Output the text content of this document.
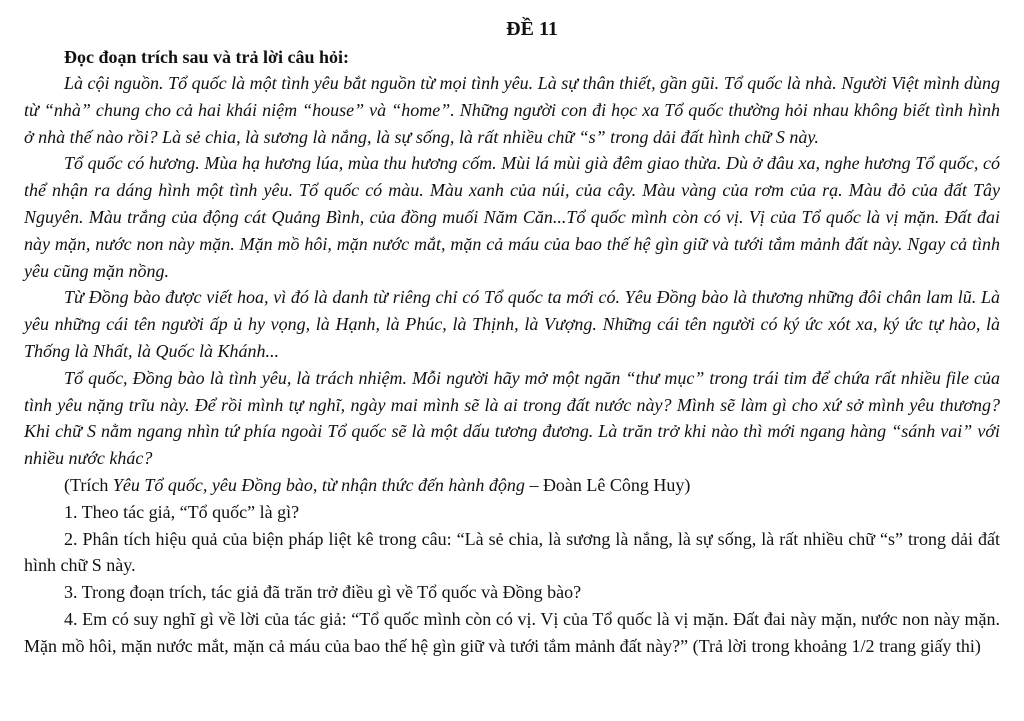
ĐỀ 11

Đọc đoạn trích sau và trả lời câu hỏi:

Là cội nguồn. Tổ quốc là một tình yêu bắt nguồn từ mọi tình yêu. Là sự thân thiết, gần gũi. Tổ quốc là nhà. Người Việt mình dùng từ “nhà” chung cho cả hai khái niệm “house” và “home”. Những người con đi học xa Tổ quốc thường hỏi nhau không biết tình hình ở nhà thế nào rồi? Là sẻ chia, là sương là nắng, là sự sống, là rất nhiều chữ “s” trong dải đất hình chữ S này.

Tổ quốc có hương. Mùa hạ hương lúa, mùa thu hương cốm. Mùi lá mùi già đêm giao thừa. Dù ở đâu xa, nghe hương Tổ quốc, có thể nhận ra dáng hình một tình yêu. Tổ quốc có màu. Màu xanh của núi, của cây. Màu vàng của rơm của rạ. Màu đỏ của đất Tây Nguyên. Màu trắng của động cát Quảng Bình, của đồng muối Năm Căn...Tổ quốc mình còn có vị. Vị của Tổ quốc là vị mặn. Đất đai này mặn, nước non này mặn. Mặn mồ hôi, mặn nước mắt, mặn cả máu của bao thế hệ gìn giữ và tưới tắm mảnh đất này. Ngay cả tình yêu cũng mặn nồng.

Từ Đồng bào được viết hoa, vì đó là danh từ riêng chỉ có Tổ quốc ta mới có. Yêu Đồng bào là thương những đôi chân lam lũ. Là yêu những cái tên người ấp ủ hy vọng, là Hạnh, là Phúc, là Thịnh, là Vượng. Những cái tên người có ký ức xót xa, ký ức tự hào, là Thống là Nhất, là Quốc là Khánh...

Tổ quốc, Đồng bào là tình yêu, là trách nhiệm. Mỗi người hãy mở một ngăn “thư mục” trong trái tim để chứa rất nhiều file của tình yêu nặng trĩu này. Để rồi mình tự nghĩ, ngày mai mình sẽ là ai trong đất nước này? Mình sẽ làm gì cho xứ sở mình yêu thương? Khi chữ S nằm ngang nhìn tứ phía ngoài Tổ quốc sẽ là một dấu tương đương. Là trăn trở khi nào thì mới ngang hàng “sánh vai” với nhiều nước khác?

(Trích Yêu Tổ quốc, yêu Đồng bào, từ nhận thức đến hành động – Đoàn Lê Công Huy)

1. Theo tác giả, “Tổ quốc” là gì?

2. Phân tích hiệu quả của biện pháp liệt kê trong câu: “Là sẻ chia, là sương là nắng, là sự sống, là rất nhiều chữ “s” trong dải đất hình chữ S này.

3. Trong đoạn trích, tác giả đã trăn trở điều gì về Tổ quốc và Đồng bào?

4. Em có suy nghĩ gì về lời của tác giả: “Tổ quốc mình còn có vị. Vị của Tổ quốc là vị mặn. Đất đai này mặn, nước non này mặn. Mặn mồ hôi, mặn nước mắt, mặn cả máu của bao thế hệ gìn giữ và tưới tắm mảnh đất này?” (Trả lời trong khoảng 1/2 trang giấy thi)
